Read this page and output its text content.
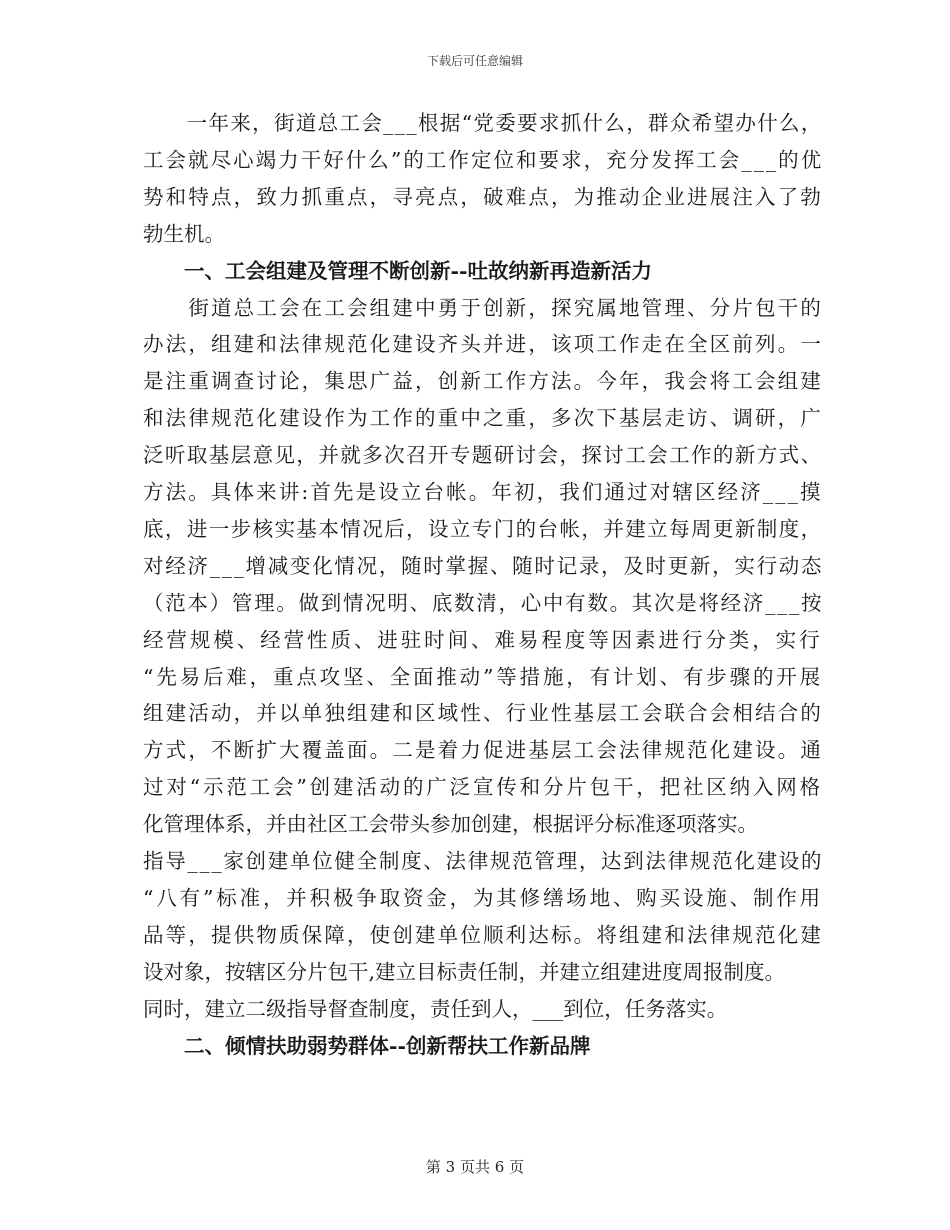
下载后可任意编辑
　　一年来，街道总工会___根据“党委要求抓什么，群众希望办什么，
工会就尽心竭力干好什么”的工作定位和要求，充分发挥工会___的优
势和特点，致力抓重点，寻亮点，破难点，为推动企业进展注入了勃
勃生机。
　　一、工会组建及管理不断创新--吐故纳新再造新活力
　　街道总工会在工会组建中勇于创新，探究属地管理、分片包干的
办法，组建和法律规范化建设齐头并进，该项工作走在全区前列。一
是注重调查讨论，集思广益，创新工作方法。今年，我会将工会组建
和法律规范化建设作为工作的重中之重，多次下基层走访、调研，广
泛听取基层意见，并就多次召开专题研讨会，探讨工会工作的新方式、
方法。具体来讲:首先是设立台帐。年初，我们通过对辖区经济___摸
底，进一步核实基本情况后，设立专门的台帐，并建立每周更新制度，
对经济___增减变化情况，随时掌握、随时记录，及时更新，实行动态
（范本）管理。做到情况明、底数清，心中有数。其次是将经济___按
经营规模、经营性质、进驻时间、难易程度等因素进行分类，实行
“先易后难，重点攻坚、全面推动”等措施，有计划、有步骤的开展
组建活动，并以单独组建和区域性、行业性基层工会联合会相结合的
方式，不断扩大覆盖面。二是着力促进基层工会法律规范化建设。通
过对“示范工会”创建活动的广泛宣传和分片包干，把社区纳入网格
化管理体系，并由社区工会带头参加创建，根据评分标准逐项落实。
指导___家创建单位健全制度、法律规范管理，达到法律规范化建设的
“八有”标准，并积极争取资金，为其修缮场地、购买设施、制作用
品等，提供物质保障，使创建单位顺利达标。将组建和法律规范化建
设对象，按辖区分片包干,建立目标责任制，并建立组建进度周报制度。
同时，建立二级指导督查制度，责任到人，___到位，任务落实。
　　二、倾情扶助弱势群体--创新帮扶工作新品牌
第 3 页共 6 页
